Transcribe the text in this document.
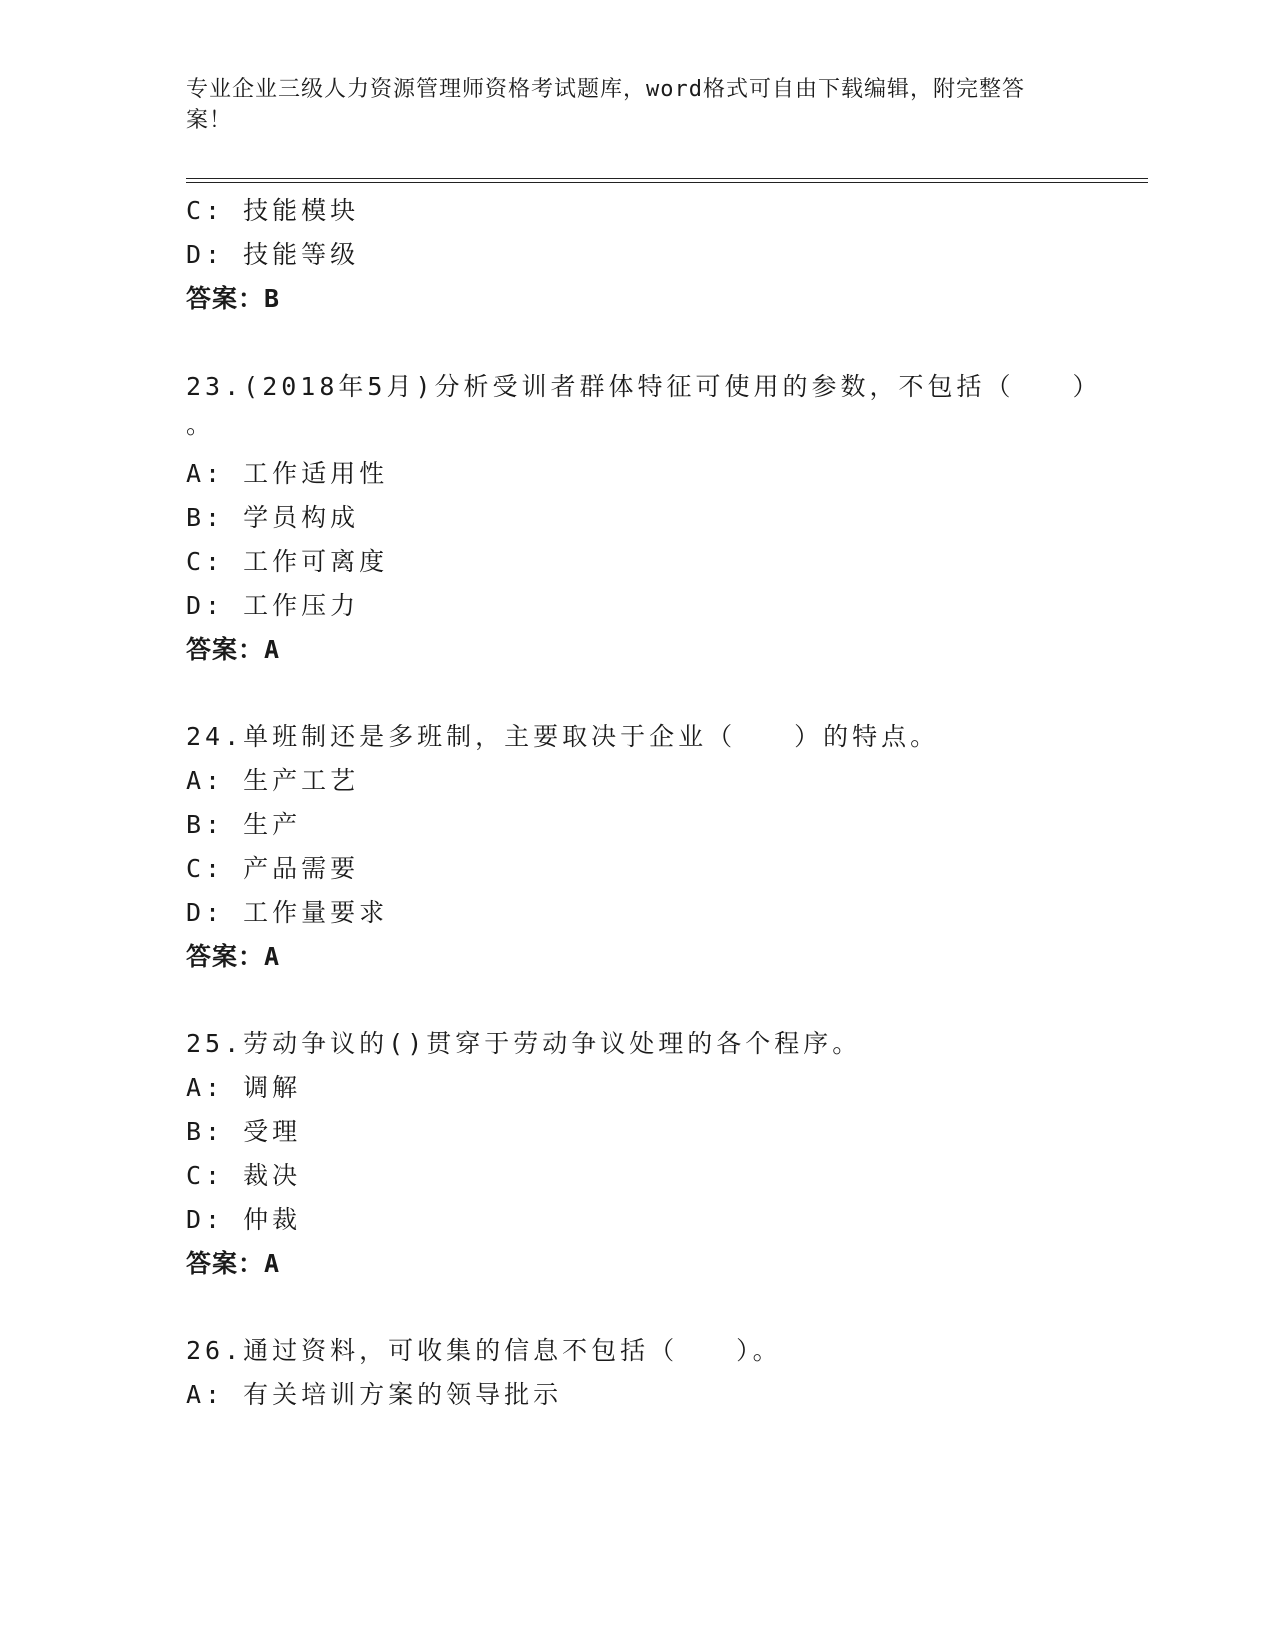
专业企业三级人力资源管理师资格考试题库，word格式可自由下载编辑，附完整答案！
C: 技能模块
D: 技能等级
答案：B
23.(2018年5月)分析受训者群体特征可使用的参数，不包括（　　）
。
A: 工作适用性
B: 学员构成
C: 工作可离度
D: 工作压力
答案：A
24.单班制还是多班制，主要取决于企业（　　）的特点。
A: 生产工艺
B: 生产
C: 产品需要
D: 工作量要求
答案：A
25.劳动争议的()贯穿于劳动争议处理的各个程序。
A: 调解
B: 受理
C: 裁决
D: 仲裁
答案：A
26.通过资料，可收集的信息不包括（　　）。
A: 有关培训方案的领导批示
